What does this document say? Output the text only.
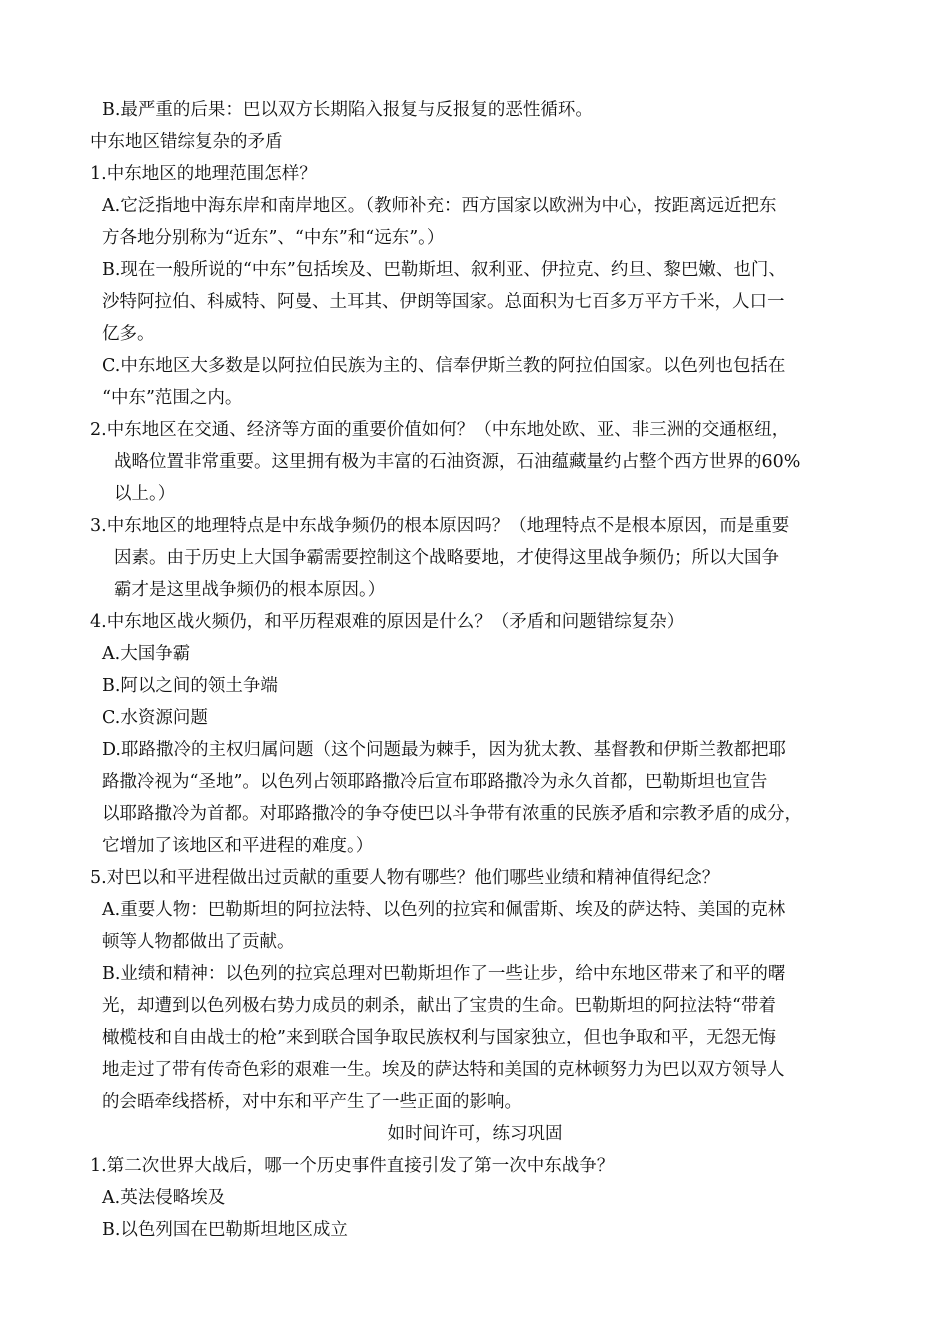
B.最严重的后果：巴以双方长期陷入报复与反报复的恶性循环。
中东地区错综复杂的矛盾
1.中东地区的地理范围怎样？
A.它泛指地中海东岸和南岸地区。（教师补充：西方国家以欧洲为中心，按距离远近把东
方各地分别称为“近东”、“中东”和“远东”。）
B.现在一般所说的“中东”包括埃及、巴勒斯坦、叙利亚、伊拉克、约旦、黎巴嫩、也门、
沙特阿拉伯、科威特、阿曼、土耳其、伊朗等国家。总面积为七百多万平方千米，人口一
亿多。
C.中东地区大多数是以阿拉伯民族为主的、信奉伊斯兰教的阿拉伯国家。以色列也包括在
“中东”范围之内。
2.中东地区在交通、经济等方面的重要价值如何？（中东地处欧、亚、非三洲的交通枢纽，
战略位置非常重要。这里拥有极为丰富的石油资源，石油蕴藏量约占整个西方世界的60%
以上。）
3.中东地区的地理特点是中东战争频仍的根本原因吗？（地理特点不是根本原因，而是重要
因素。由于历史上大国争霸需要控制这个战略要地，才使得这里战争频仍；所以大国争
霸才是这里战争频仍的根本原因。）
4.中东地区战火频仍，和平历程艰难的原因是什么？（矛盾和问题错综复杂）
A.大国争霸
B.阿以之间的领土争端
C.水资源问题
D.耶路撒冷的主权归属问题（这个问题最为棘手，因为犹太教、基督教和伊斯兰教都把耶
路撒冷视为“圣地”。以色列占领耶路撒冷后宣布耶路撒冷为永久首都，巴勒斯坦也宣告
以耶路撒冷为首都。对耶路撒冷的争夺使巴以斗争带有浓重的民族矛盾和宗教矛盾的成分，
它增加了该地区和平进程的难度。）
5.对巴以和平进程做出过贡献的重要人物有哪些？他们哪些业绩和精神值得纪念？
A.重要人物：巴勒斯坦的阿拉法特、以色列的拉宾和佩雷斯、埃及的萨达特、美国的克林
顿等人物都做出了贡献。
B.业绩和精神：以色列的拉宾总理对巴勒斯坦作了一些让步，给中东地区带来了和平的曙
光，却遭到以色列极右势力成员的刺杀，献出了宝贵的生命。巴勒斯坦的阿拉法特“带着
橄榄枝和自由战士的枪”来到联合国争取民族权利与国家独立，但也争取和平，无怨无悔
地走过了带有传奇色彩的艰难一生。埃及的萨达特和美国的克林顿努力为巴以双方领导人
的会晤牵线搭桥，对中东和平产生了一些正面的影响。
如时间许可，练习巩固
1.第二次世界大战后，哪一个历史事件直接引发了第一次中东战争？
A.英法侵略埃及
B.以色列国在巴勒斯坦地区成立
